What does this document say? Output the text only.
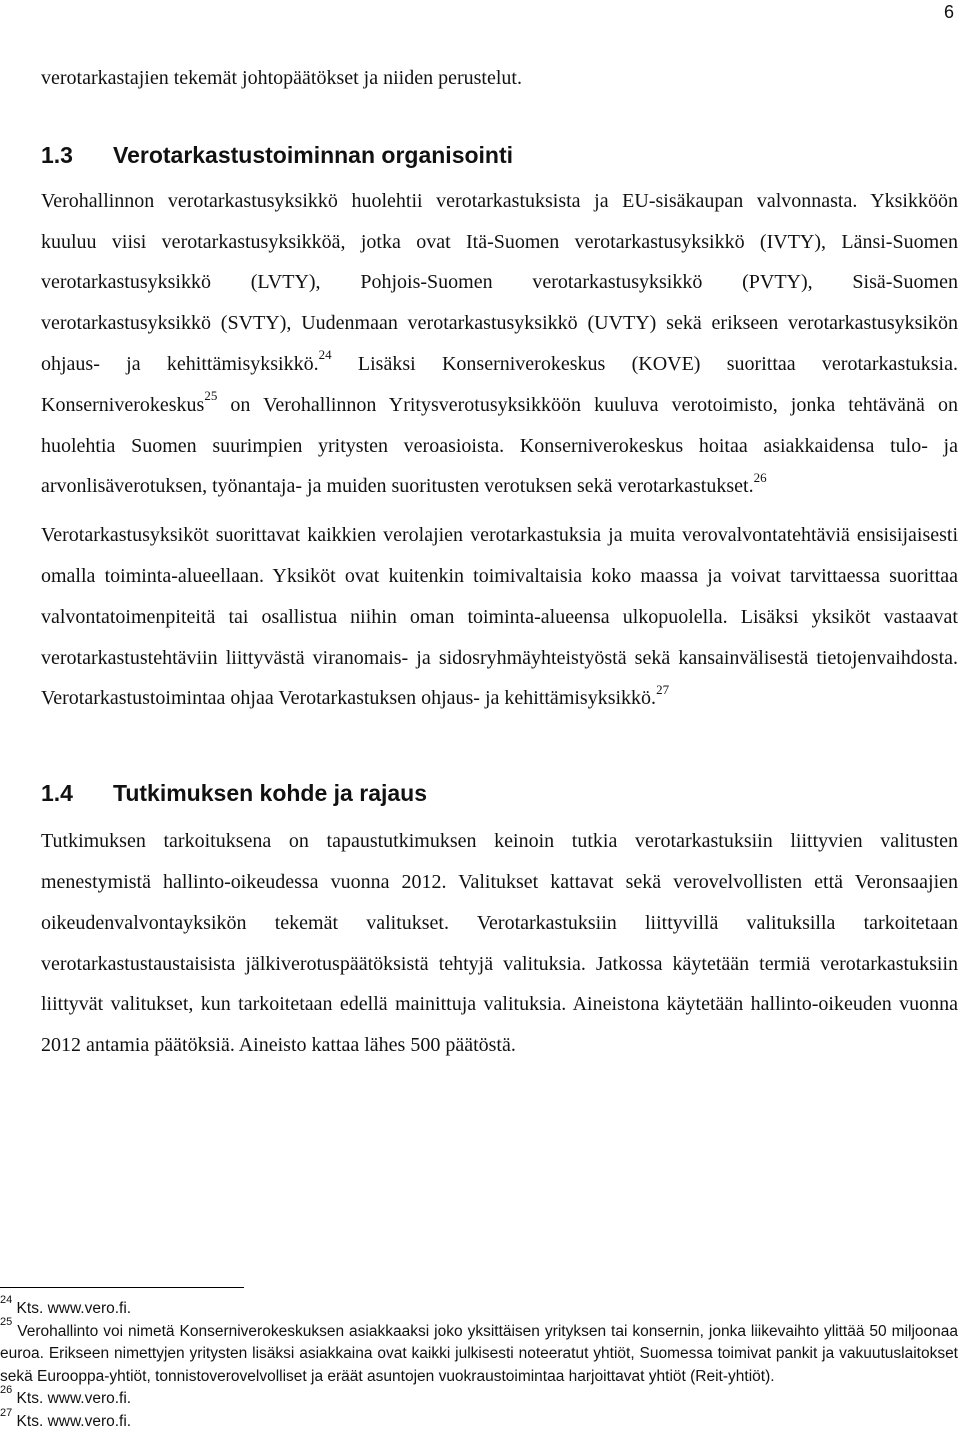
6

verotarkastajien tekemät johtopäätökset ja niiden perustelut.

1.3	Verotarkastustoiminnan organisointi

Verohallinnon verotarkastusyksikkö huolehtii verotarkastuksista ja EU-sisäkaupan valvonnasta. Yksikköön kuuluu viisi verotarkastusyksikköä, jotka ovat Itä-Suomen verotarkastusyksikkö (IVTY), Länsi-Suomen verotarkastusyksikkö (LVTY), Pohjois-Suomen verotarkastusyksikkö (PVTY), Sisä-Suomen verotarkastusyksikkö (SVTY), Uudenmaan verotarkastusyksikkö (UVTY) sekä erikseen verotarkastusyksikön ohjaus- ja kehittämisyksikkö.$^{24}$ Lisäksi Konserniverokeskus (KOVE) suorittaa verotarkastuksia. Konserniverokeskus$^{25}$ on Verohallinnon Yritysverotusyksikköön kuuluva verotoimisto, jonka tehtävänä on huolehtia Suomen suurimpien yritysten veroasioista. Konserniverokeskus hoitaa asiakkaidensa tulo- ja arvonlisäverotuksen, työnantaja- ja muiden suoritusten verotuksen sekä verotarkastukset.$^{26}$

Verotarkastusyksiköt suorittavat kaikkien verolajien verotarkastuksia ja muita verovalvontatehtäviä ensisijaisesti omalla toiminta-alueellaan. Yksiköt ovat kuitenkin toimivaltaisia koko maassa ja voivat tarvittaessa suorittaa valvontatoimenpiteitä tai osallistua niihin oman toiminta-alueensa ulkopuolella. Lisäksi yksiköt vastaavat verotarkastustehtäviin liittyvästä viranomais- ja sidosryhmäyhteistyöstä sekä kansainvälisestä tietojenvaihdosta. Verotarkastustoimintaa ohjaa Verotarkastuksen ohjaus- ja kehittämisyksikkö.$^{27}$

1.4	Tutkimuksen kohde ja rajaus

Tutkimuksen tarkoituksena on tapaustutkimuksen keinoin tutkia verotarkastuksiin liittyvien valitusten menestymistä hallinto-oikeudessa vuonna 2012. Valitukset kattavat sekä verovelvollisten että Veronsaajien oikeudenvalvontayksikön tekemät valitukset. Verotarkastuksiin liittyvillä valituksilla tarkoitetaan verotarkastustaustaisista jälkiverotuspäätöksistä tehtyjä valituksia. Jatkossa käytetään termiä verotarkastuksiin liittyvät valitukset, kun tarkoitetaan edellä mainittuja valituksia. Aineistona käytetään hallinto-oikeuden vuonna 2012 antamia päätöksiä. Aineisto kattaa lähes 500 päätöstä.

$^{24}$ Kts. www.vero.fi.

$^{25}$ Verohallinto voi nimetä Konserniverokeskuksen asiakkaaksi joko yksittäisen yrityksen tai konsernin, jonka liikevaihto ylittää 50 miljoonaa euroa. Erikseen nimettyjen yritysten lisäksi asiakkaina ovat kaikki julkisesti noteeratut yhtiöt, Suomessa toimivat pankit ja vakuutuslaitokset sekä Eurooppa-yhtiöt, tonnistoverovelvolliset ja eräät asuntojen vuokraustoimintaa harjoittavat yhtiöt (Reit-yhtiöt).

$^{26}$ Kts. www.vero.fi.

$^{27}$ Kts. www.vero.fi.
